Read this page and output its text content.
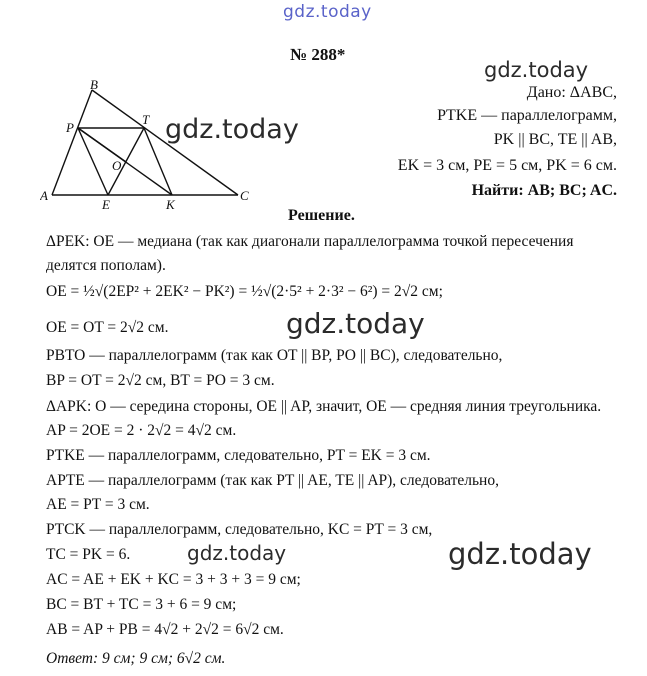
gdz.today
gdz.today
gdz.today
gdz.today
gdz.today	gdz.today
№ 288*
A
B
C
P
T
O
E	K
Дано: ΔABC,
PTKE — параллелограмм,
PK || BC, TE || AB,
EK = 3 см, PE = 5 см, PK = 6 см.
Найти: AB; BC; AC.
Решение.
ΔPEK: OE — медиана (так как диагонали параллелограмма точкой пересечения
делятся пополам).
OE = ½√(2EP² + 2EK² − PK²) = ½√(2·5² + 2·3² − 6²) = 2√2 см;
OE = OT = 2√2 см.
PBTO — параллелограмм (так как OT || BP, PO || BC), следовательно,
BP = OT = 2√2 см, BT = PO = 3 см.
ΔAPK: O — середина стороны, OE || AP, значит, OE — средняя линия треугольника.
AP = 2OE = 2 · 2√2 = 4√2 см.
PTKE — параллелограмм, следовательно, PT = EK = 3 см.
APTE — параллелограмм (так как PT || AE, TE || AP), следовательно,
AE = PT = 3 см.
PTCK — параллелограмм, следовательно, KC = PT = 3 см,
TC = PK = 6.
AC = AE + EK + KC = 3 + 3 + 3 = 9 см;
BC = BT + TC = 3 + 6 = 9 см;
AB = AP + PB = 4√2 + 2√2 = 6√2 см.
Ответ: 9 см; 9 см; 6√2 см.
